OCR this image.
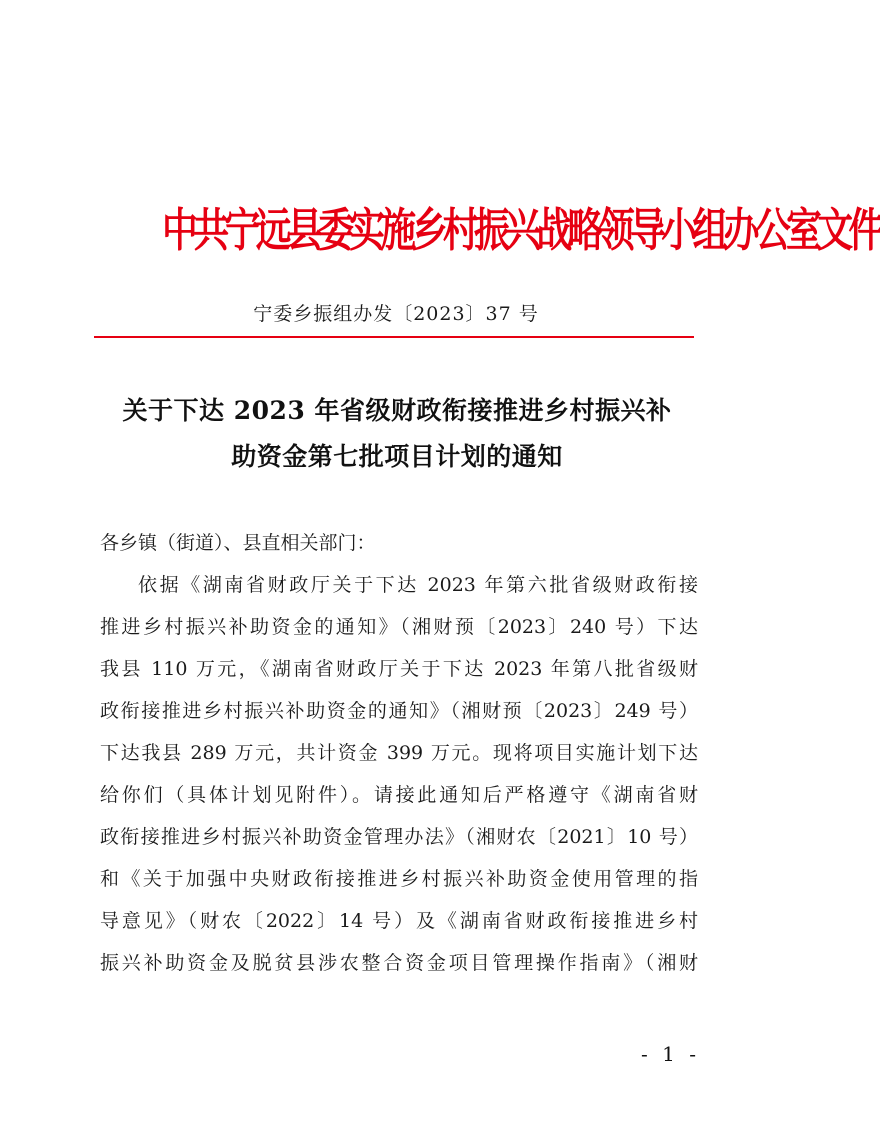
中共宁远县委实施乡村振兴战略领导小组办公室文件
宁委乡振组办发〔2023〕37 号
关于下达 2023 年省级财政衔接推进乡村振兴补
助资金第七批项目计划的通知
各乡镇（街道）、县直相关部门：
依据《湖南省财政厅关于下达 2023 年第六批省级财政衔接
推进乡村振兴补助资金的通知》（湘财预〔2023〕240 号）下达
我县 110 万元，《湖南省财政厅关于下达 2023 年第八批省级财
政衔接推进乡村振兴补助资金的通知》（湘财预〔2023〕249 号）
下达我县 289 万元，共计资金 399 万元。现将项目实施计划下达
给你们（具体计划见附件）。请接此通知后严格遵守《湖南省财
政衔接推进乡村振兴补助资金管理办法》（湘财农〔2021〕10 号）
和《关于加强中央财政衔接推进乡村振兴补助资金使用管理的指
导意见》（财农〔2022〕14 号）及《湖南省财政衔接推进乡村
振兴补助资金及脱贫县涉农整合资金项目管理操作指南》（湘财
- 1 -
